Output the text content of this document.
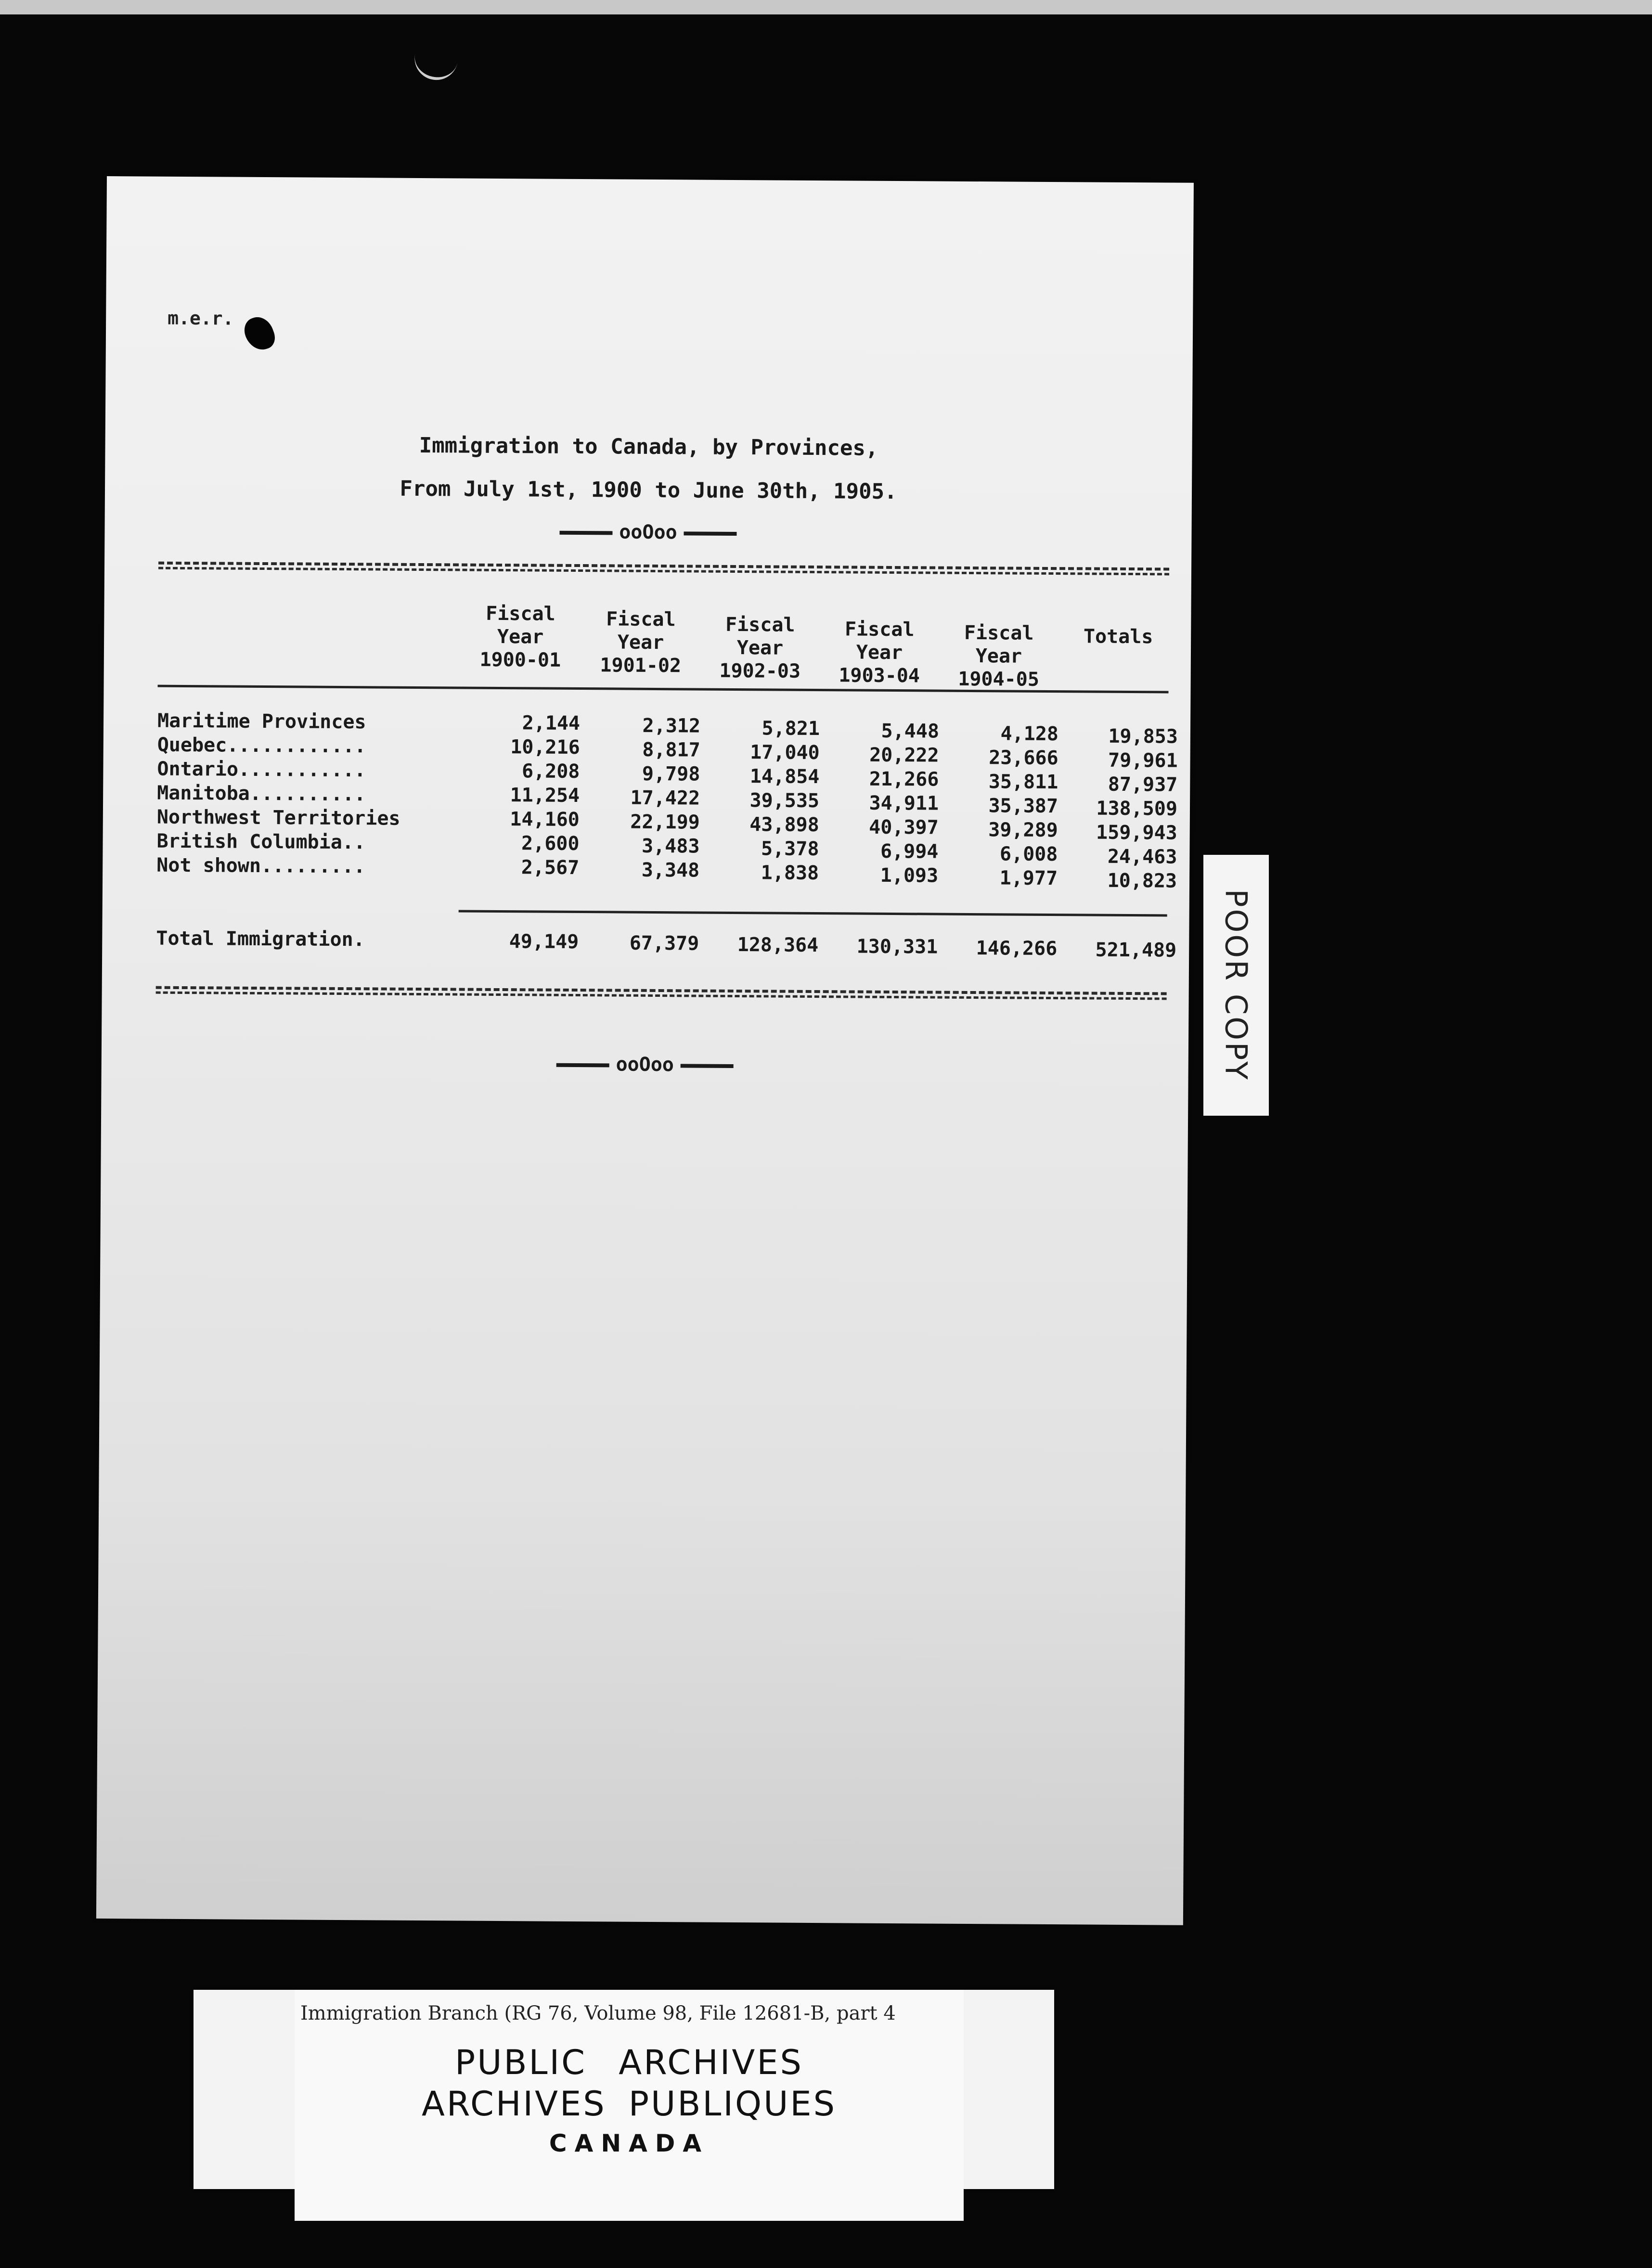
m.e.r.
Immigration to Canada, by Provinces,
From July 1st, 1900 to June 30th, 1905.
ooOoo
Fiscal
Year
1900-01
Fiscal
Year
1901-02
Fiscal
Year
1902-03
Fiscal
Year
1903-04
Fiscal
Year
1904-05
Totals
Maritime Provinces	2,144	2,312	5,821	5,448	4,128	19,853
Quebec............	10,216	8,817	17,040	20,222	23,666	79,961
Ontario...........	6,208	9,798	14,854	21,266	35,811	87,937
Manitoba..........	11,254	17,422	39,535	34,911	35,387	138,509
Northwest Territories	14,160	22,199	43,898	40,397	39,289	159,943
British Columbia..	2,600	3,483	5,378	6,994	6,008	24,463
Not shown.........	2,567	3,348	1,838	1,093	1,977	10,823
Total Immigration.	49,149	67,379	128,364	130,331	146,266	521,489
ooOoo	POOR COPY
Immigration Branch (RG 76, Volume 98, File 12681-B, part 4
PUBLIC ARCHIVES
ARCHIVES PUBLIQUES
CANADA
